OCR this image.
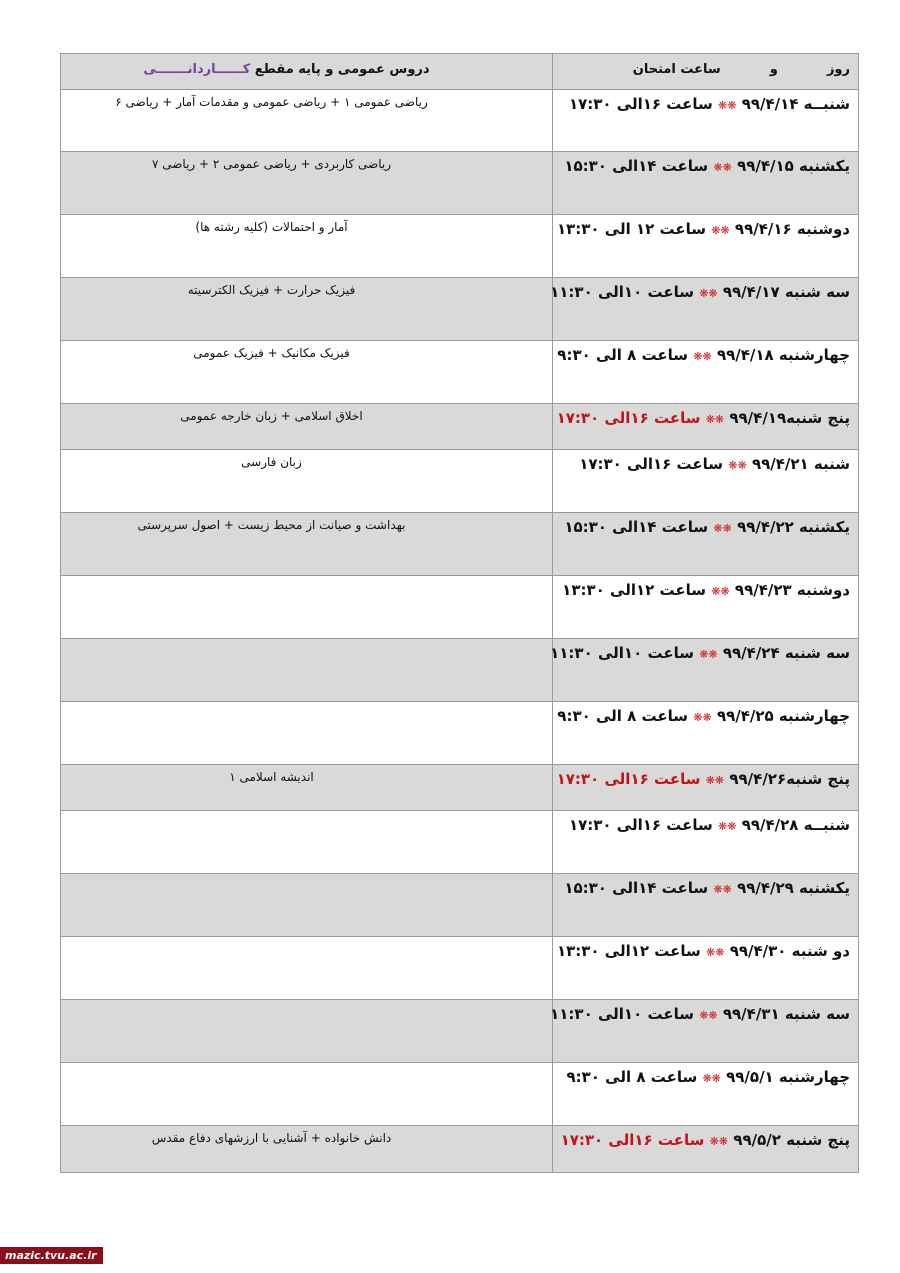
دروس عمومی و پایه مقطع کــــــاردانـــــــی	روز  و  ساعت امتحان
ریاضی عمومی ۱ + ریاضی عمومی و مقدمات آمار + ریاضی ۶	شنبــه ۹۹/۴/۱۴ ❋❋ ساعت ۱۶الی ۱۷:۳۰
ریاضی کاربردی + ریاضی عمومی ۲ + ریاضی ۷	یکشنبه ۹۹/۴/۱۵ ❋❋ ساعت ۱۴الی ۱۵:۳۰
آمار و احتمالات (کلیه رشته ها)	دوشنبه ۹۹/۴/۱۶ ❋❋ ساعت ۱۲ الی ۱۳:۳۰
فیزیک حرارت + فیزیک الکترسیته	سه شنبه ۹۹/۴/۱۷ ❋❋ ساعت ۱۰الی ۱۱:۳۰
فیزیک مکانیک + فیزیک عمومی	چهارشنبه ۹۹/۴/۱۸ ❋❋ ساعت ۸ الی ۹:۳۰
اخلاق اسلامی + زبان خارجه عمومی	پنج شنبه۹۹/۴/۱۹ ❋❋ ساعت ۱۶الی ۱۷:۳۰
زبان فارسی	شنبه ۹۹/۴/۲۱ ❋❋ ساعت ۱۶الی ۱۷:۳۰
بهداشت و صیانت از محیط زیست + اصول سرپرستی	یکشنبه ۹۹/۴/۲۲ ❋❋ ساعت ۱۴الی ۱۵:۳۰
دوشنبه ۹۹/۴/۲۳ ❋❋ ساعت ۱۲الی ۱۳:۳۰
سه شنبه ۹۹/۴/۲۴ ❋❋ ساعت ۱۰الی ۱۱:۳۰
چهارشنبه ۹۹/۴/۲۵ ❋❋ ساعت ۸ الی ۹:۳۰
اندیشه اسلامی ۱	پنج شنبه۹۹/۴/۲۶ ❋❋ ساعت ۱۶الی ۱۷:۳۰
شنبــه ۹۹/۴/۲۸ ❋❋ ساعت ۱۶الی ۱۷:۳۰
یکشنبه ۹۹/۴/۲۹ ❋❋ ساعت ۱۴الی ۱۵:۳۰
دو شنبه ۹۹/۴/۳۰ ❋❋ ساعت ۱۲الی ۱۳:۳۰
سه شنبه ۹۹/۴/۳۱ ❋❋ ساعت ۱۰الی ۱۱:۳۰
چهارشنبه ۹۹/۵/۱ ❋❋ ساعت ۸ الی ۹:۳۰
دانش خانواده + آشنایی با ارزشهای دفاع مقدس	پنج شنبه ۹۹/۵/۲ ❋❋ ساعت ۱۶الی ۱۷:۳۰
mazic.tvu.ac.ir
